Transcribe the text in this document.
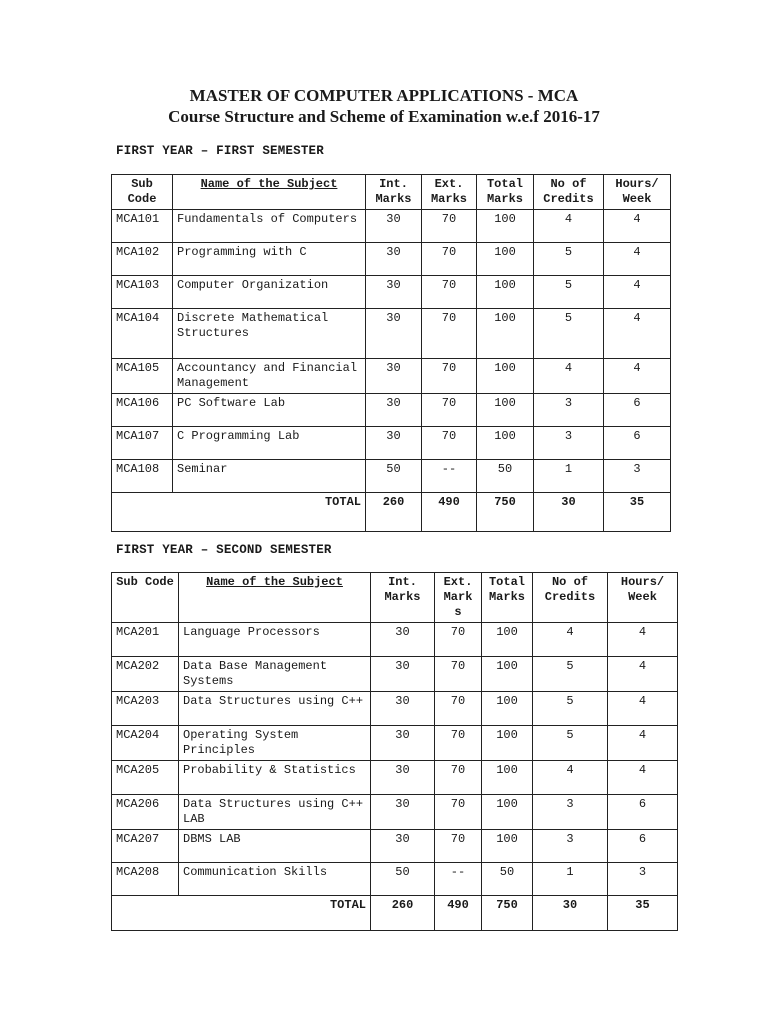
MASTER OF COMPUTER APPLICATIONS - MCA
Course Structure and Scheme of Examination w.e.f 2016-17
FIRST YEAR – FIRST SEMESTER
Sub Code	Name of the Subject	Int. Marks	Ext. Marks	Total Marks	No of Credits	Hours/ Week
MCA101	Fundamentals of Computers	30	70	100	4	4
MCA102	Programming with C	30	70	100	5	4
MCA103	Computer Organization	30	70	100	5	4
MCA104	Discrete Mathematical Structures	30	70	100	5	4
MCA105	Accountancy and Financial Management	30	70	100	4	4
MCA106	PC Software Lab	30	70	100	3	6
MCA107	C Programming Lab	30	70	100	3	6
MCA108	Seminar	50	--	50	1	3
TOTAL		260	490	750	30	35
FIRST YEAR – SECOND SEMESTER
Sub Code	Name of the Subject	Int. Marks	Ext. Mark s	Total Marks	No of Credits	Hours/ Week
MCA201	Language Processors	30	70	100	4	4
MCA202	Data Base Management Systems	30	70	100	5	4
MCA203	Data Structures using C++	30	70	100	5	4
MCA204	Operating System Principles	30	70	100	5	4
MCA205	Probability & Statistics	30	70	100	4	4
MCA206	Data Structures using C++ LAB	30	70	100	3	6
MCA207	DBMS LAB	30	70	100	3	6
MCA208	Communication Skills	50	--	50	1	3
TOTAL		260	490	750	30	35
